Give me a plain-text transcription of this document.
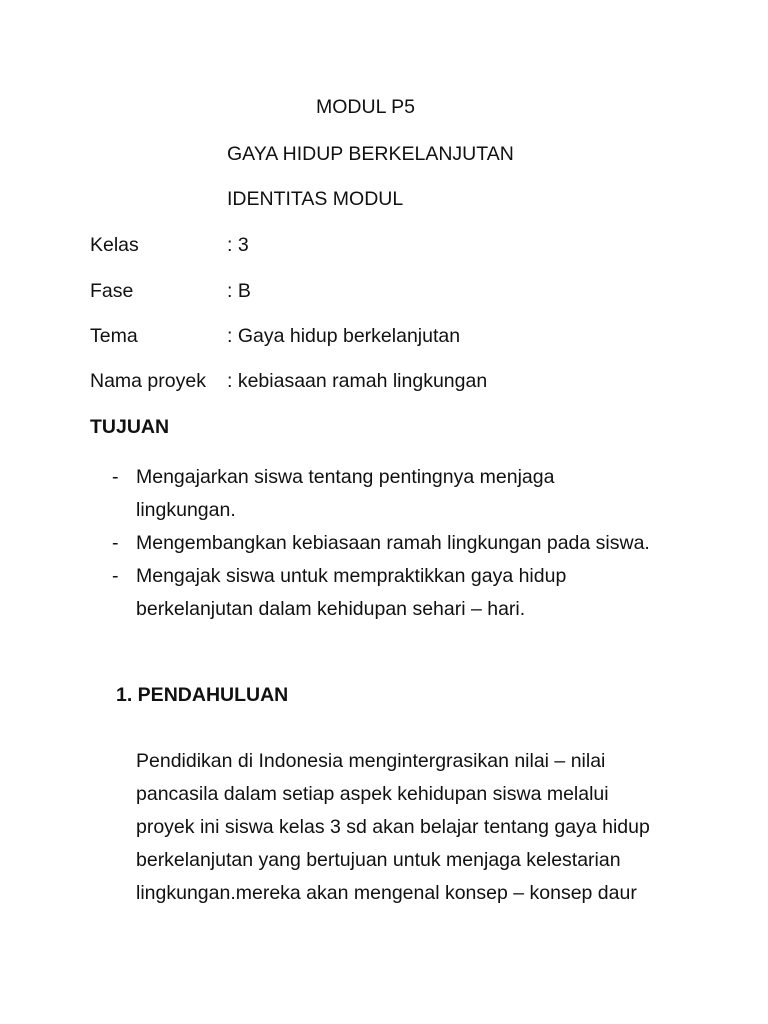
MODUL P5
GAYA HIDUP BERKELANJUTAN
IDENTITAS MODUL
Kelas	: 3
Fase	: B
Tema	: Gaya hidup berkelanjutan
Nama proyek : kebiasaan ramah lingkungan
TUJUAN
- Mengajarkan siswa tentang pentingnya menjaga
lingkungan.
- Mengembangkan kebiasaan ramah lingkungan pada siswa.
- Mengajak siswa untuk mempraktikkan gaya hidup
berkelanjutan dalam kehidupan sehari – hari.
1. PENDAHULUAN

Pendidikan di Indonesia mengintergrasikan nilai – nilai
pancasila dalam setiap aspek kehidupan siswa melalui
proyek ini siswa kelas 3 sd akan belajar tentang gaya hidup
berkelanjutan yang bertujuan untuk menjaga kelestarian
lingkungan.mereka akan mengenal konsep – konsep daur
